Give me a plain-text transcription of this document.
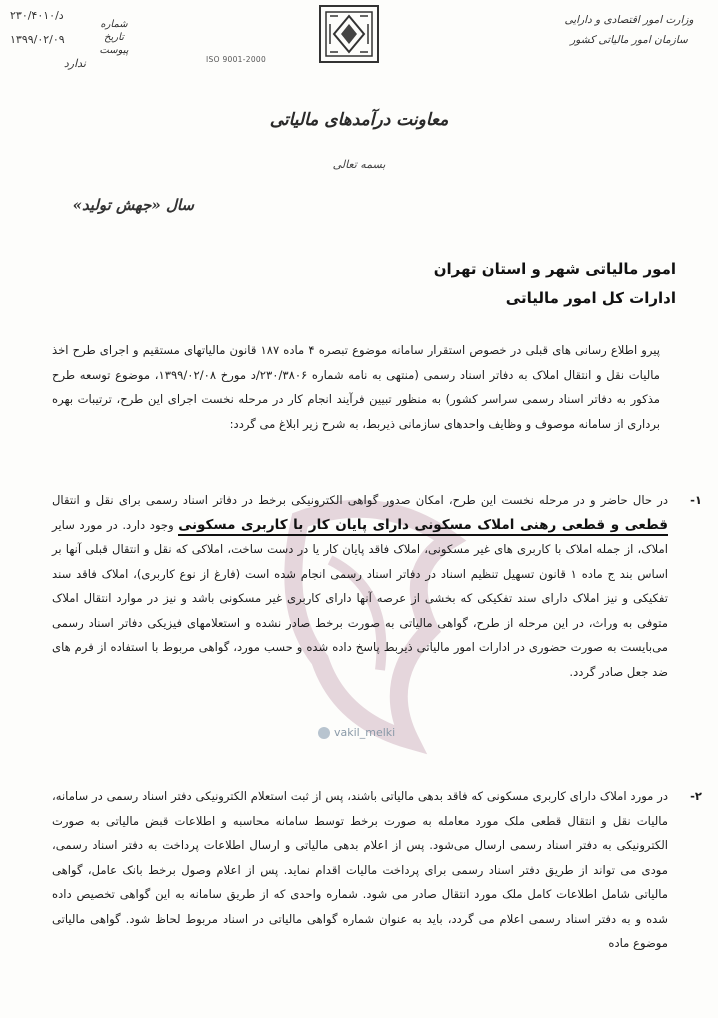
وزارت امور اقتصادی و دارایی
سازمان امور مالیاتی کشور
ISO 9001-2000
شماره
تاریخ
پیوست
۲۳۰/۴۰۱۰/د
۱۳۹۹/۰۲/۰۹
ندارد
معاونت درآمدهای مالیاتی
بسمه تعالی
سال «جهش تولید»
امور مالیاتی شهر و استان تهران
ادارات کل امور مالیاتی
پیرو اطلاع رسانی های قبلی در خصوص استقرار سامانه موضوع تبصره ۴ ماده ۱۸۷ قانون مالیاتهای مستقیم و اجرای طرح اخذ مالیات نقل و انتقال املاک به دفاتر اسناد رسمی (منتهی به نامه شماره ۲۳۰/۳۸۰۶/د مورخ ۱۳۹۹/۰۲/۰۸، موضوع توسعه طرح مذکور به دفاتر اسناد رسمی سراسر کشور) به منظور تبیین فرآیند انجام کار در مرحله نخست اجرای این طرح، ترتیبات بهره برداری از سامانه موصوف و وظایف واحدهای سازمانی ذیربط، به شرح زیر ابلاغ می گردد:
۱-
در حال حاضر و در مرحله نخست این طرح، امکان صدور گواهی الکترونیکی برخط در دفاتر اسناد رسمی برای نقل و انتقال قطعی و قطعی رهنی املاک مسکونی دارای پایان کار با کاربری مسکونی وجود دارد. در مورد سایر املاک، از جمله املاک با کاربری های غیر مسکونی، املاک فاقد پایان کار یا در دست ساخت، املاکی که نقل و انتقال قبلی آنها بر اساس بند ج ماده ۱ قانون تسهیل تنظیم اسناد در دفاتر اسناد رسمی انجام شده است (فارغ از نوع کاربری)، املاک فاقد سند تفکیکی و نیز املاک دارای سند تفکیکی که بخشی از عرصه آنها دارای کاربری غیر مسکونی باشد و نیز در موارد انتقال املاک متوفی به وراث، در این مرحله از طرح، گواهی مالیاتی به صورت برخط صادر نشده و استعلامهای فیزیکی دفاتر اسناد رسمی می‌بایست به صورت حضوری در ادارات امور مالیاتی ذیربط پاسخ داده شده و حسب مورد، گواهی مربوط با استفاده از فرم های ضد جعل صادر گردد.
vakil_melki
۲-
در مورد املاک دارای کاربری مسکونی که فاقد بدهی مالیاتی باشند، پس از ثبت استعلام الکترونیکی دفتر اسناد رسمی در سامانه، مالیات نقل و انتقال قطعی ملک مورد معامله به صورت برخط توسط سامانه محاسبه و اطلاعات قبض مالیاتی به صورت الکترونیکی به دفتر اسناد رسمی ارسال می‌شود. پس از اعلام بدهی مالیاتی و ارسال اطلاعات پرداخت به دفتر اسناد رسمی، مودی می تواند از طریق دفتر اسناد رسمی برای پرداخت مالیات اقدام نماید. پس از اعلام وصول برخط بانک عامل، گواهی مالیاتی شامل اطلاعات کامل ملک مورد انتقال صادر می شود. شماره واحدی که از طریق سامانه به این گواهی تخصیص داده شده و به دفتر اسناد رسمی اعلام می گردد، باید به عنوان شماره گواهی مالیاتی در اسناد مربوط لحاظ شود. گواهی مالیاتی موضوع ماده
